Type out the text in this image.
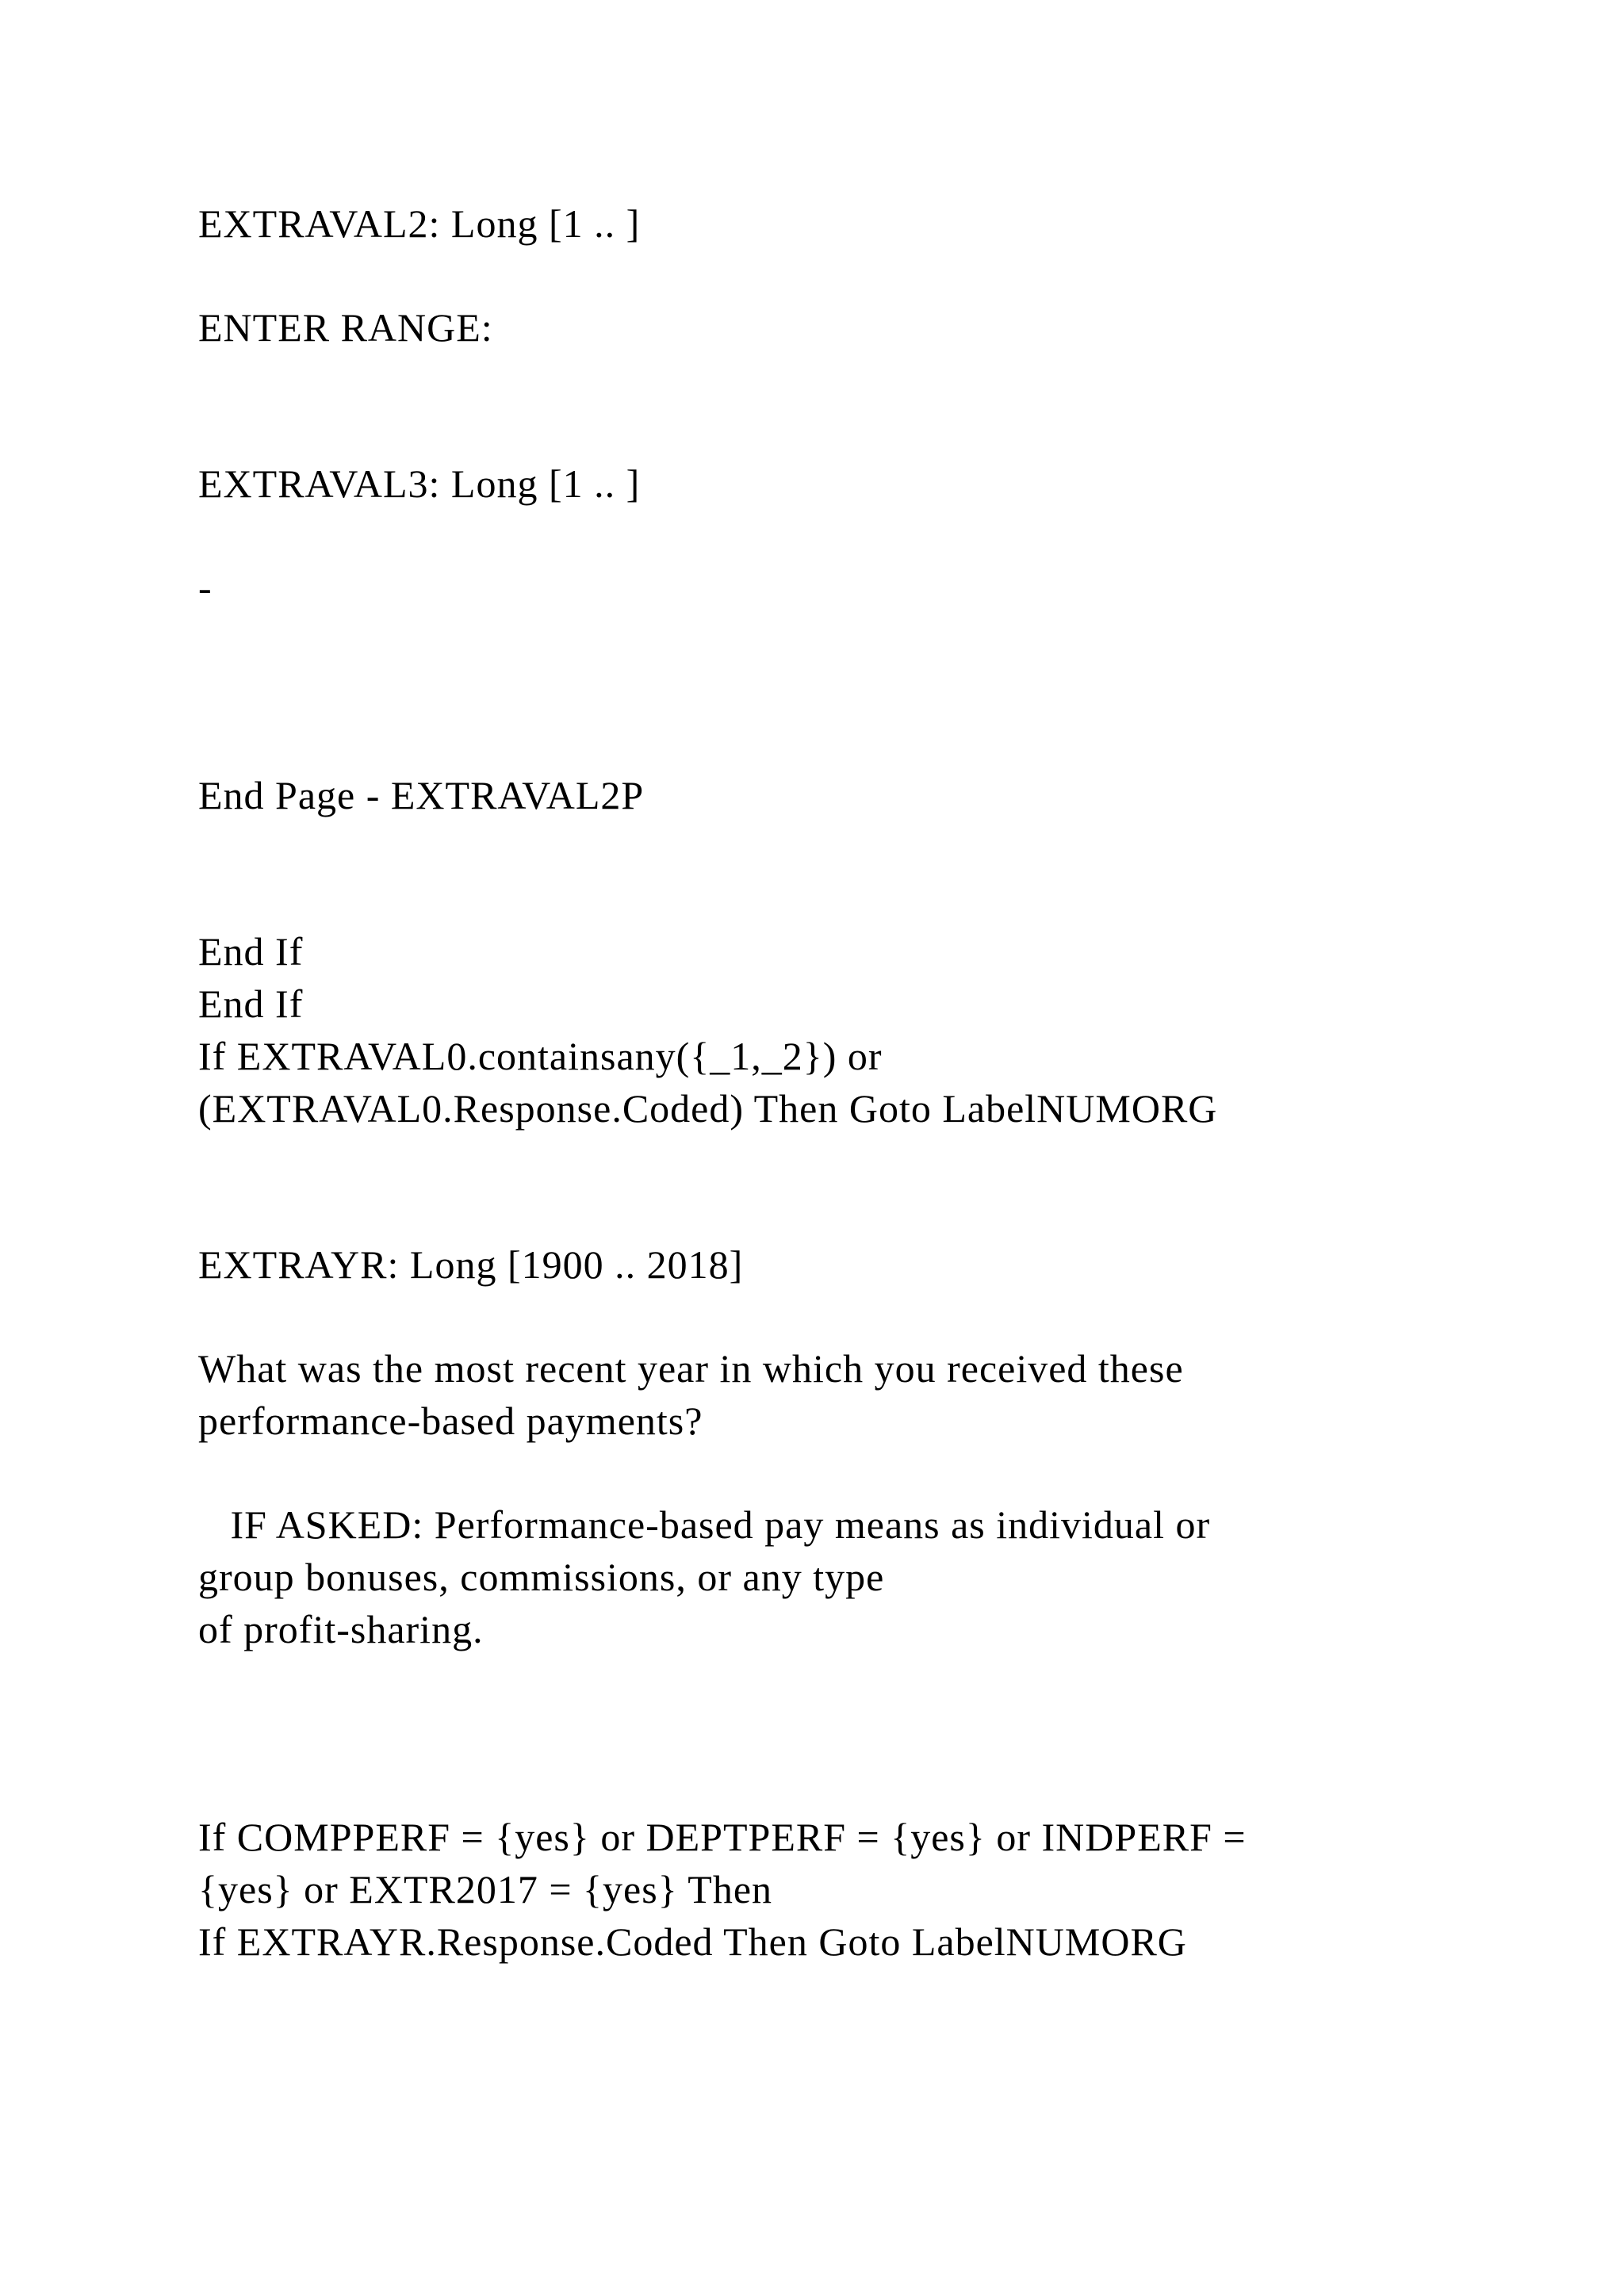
EXTRAVAL2: Long [1 .. ]

ENTER RANGE:

EXTRAVAL3: Long [1 .. ]

-

End Page - EXTRAVAL2P

End If

End If

If EXTRAVAL0.containsany({_1,_2}) or

(EXTRAVAL0.Response.Coded) Then Goto LabelNUMORG

EXTRAYR: Long [1900 .. 2018]

What was the most recent year in which you received these

performance-based payments?

IF ASKED: Performance-based pay means as individual or

group bonuses, commissions, or any type

of profit-sharing.

If COMPPERF = {yes} or DEPTPERF = {yes} or INDPERF =

{yes} or EXTR2017 = {yes} Then

If EXTRAYR.Response.Coded Then Goto LabelNUMORG
